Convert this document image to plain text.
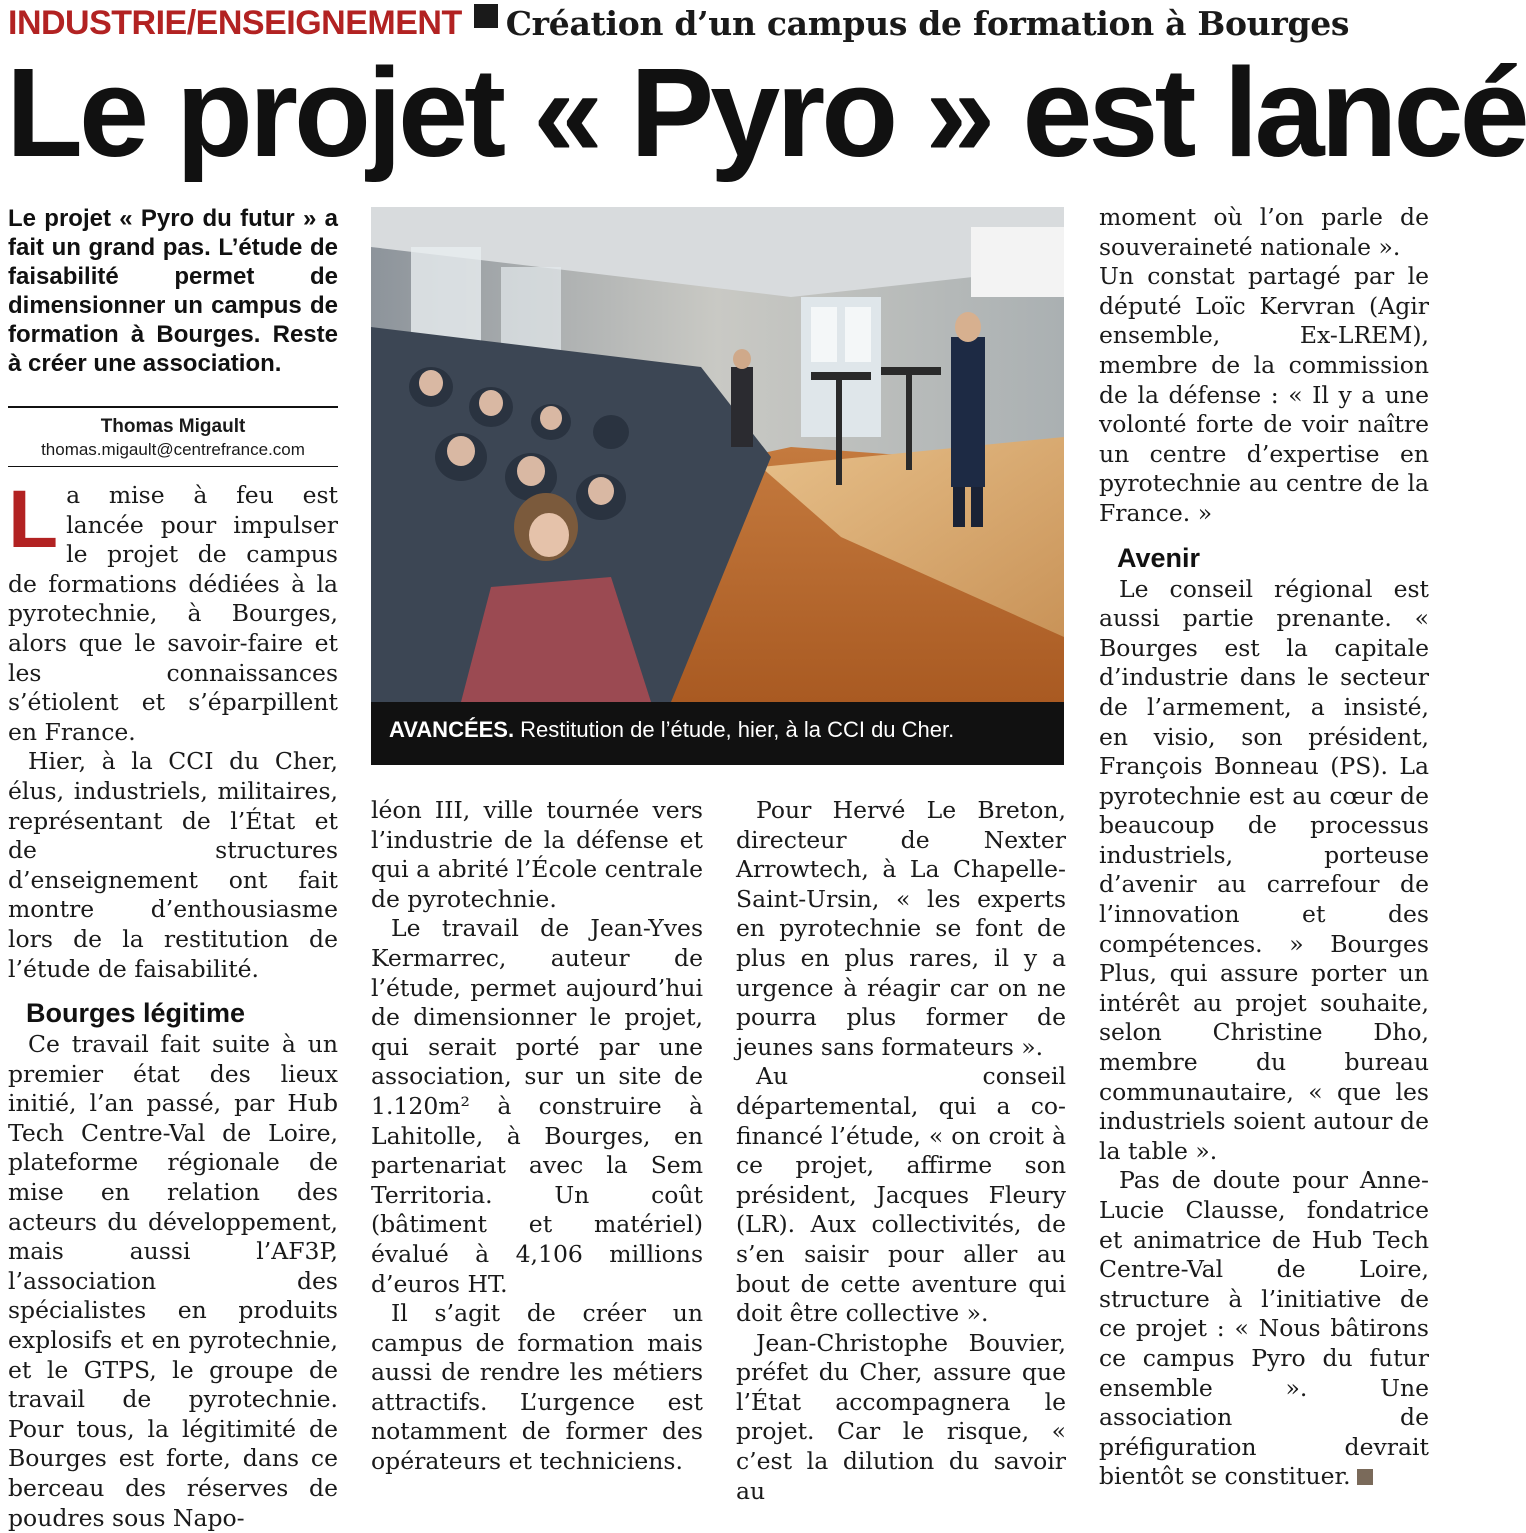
INDUSTRIE/ENSEIGNEMENT Création d’un campus de formation à Bourges
Le projet « Pyro » est lancé
Le projet « Pyro du futur » a fait un grand pas. L’étude de faisabilité permet de dimensionner un campus de formation à Bourges. Reste à créer une association.
Thomas Migault
thomas.migault@centrefrance.com

La mise à feu est lancée pour impulser le projet de campus de formations dédiées à la pyrotechnie, à Bourges, alors que le savoir-faire et les connaissances s’étiolent et s’éparpillent en France.

Hier, à la CCI du Cher, élus, industriels, militaires, représentant de l’État et de structures d’enseignement ont fait montre d’enthousiasme lors de la restitution de l’étude de faisabilité.

Bourges légitime

Ce travail fait suite à un premier état des lieux initié, l’an passé, par Hub Tech Centre-Val de Loire, plateforme régionale de mise en relation des acteurs du développement, mais aussi l’AF3P, l’association des spécialistes en produits explosifs et en pyrotechnie, et le GTPS, le groupe de travail de pyrotechnie. Pour tous, la légitimité de Bourges est forte, dans ce berceau des réserves de poudres sous Napo-

AVANCÉES. Restitution de l’étude, hier, à la CCI du Cher.

léon III, ville tournée vers l’industrie de la défense et qui a abrité l’École centrale de pyrotechnie.

Le travail de Jean-Yves Kermarrec, auteur de l’étude, permet aujourd’hui de dimensionner le projet, qui serait porté par une association, sur un site de 1.120m² à construire à Lahitolle, à Bourges, en partenariat avec la Sem Territoria. Un coût (bâtiment et matériel) évalué à 4,106 millions d’euros HT.

Il s’agit de créer un campus de formation mais aussi de rendre les métiers attractifs. L’urgence est notamment de former des opérateurs et techniciens.

Pour Hervé Le Breton, directeur de Nexter Arrowtech, à La Chapelle-Saint-Ursin, « les experts en pyrotechnie se font de plus en plus rares, il y a urgence à réagir car on ne pourra plus former de jeunes sans formateurs ».

Au conseil départemental, qui a co-financé l’étude, « on croit à ce projet, affirme son président, Jacques Fleury (LR). Aux collectivités, de s’en saisir pour aller au bout de cette aventure qui doit être collective ».

Jean-Christophe Bouvier, préfet du Cher, assure que l’État accompagnera le projet. Car le risque, « c’est la dilution du savoir au

moment où l’on parle de souveraineté nationale ».

Un constat partagé par le député Loïc Kervran (Agir ensemble, Ex-LREM), membre de la commission de la défense : « Il y a une volonté forte de voir naître un centre d’expertise en pyrotechnie au centre de la France. »

Avenir

Le conseil régional est aussi partie prenante. « Bourges est la capitale d’industrie dans le secteur de l’armement, a insisté, en visio, son président, François Bonneau (PS). La pyrotechnie est au cœur de beaucoup de processus industriels, porteuse d’avenir au carrefour de l’innovation et des compétences. » Bourges Plus, qui assure porter un intérêt au projet souhaite, selon Christine Dho, membre du bureau communautaire, « que les industriels soient autour de la table ».

Pas de doute pour Anne-Lucie Clausse, fondatrice et animatrice de Hub Tech Centre-Val de Loire, structure à l’initiative de ce projet : « Nous bâtirons ce campus Pyro du futur ensemble ». Une association de préfiguration devrait bientôt se constituer.
